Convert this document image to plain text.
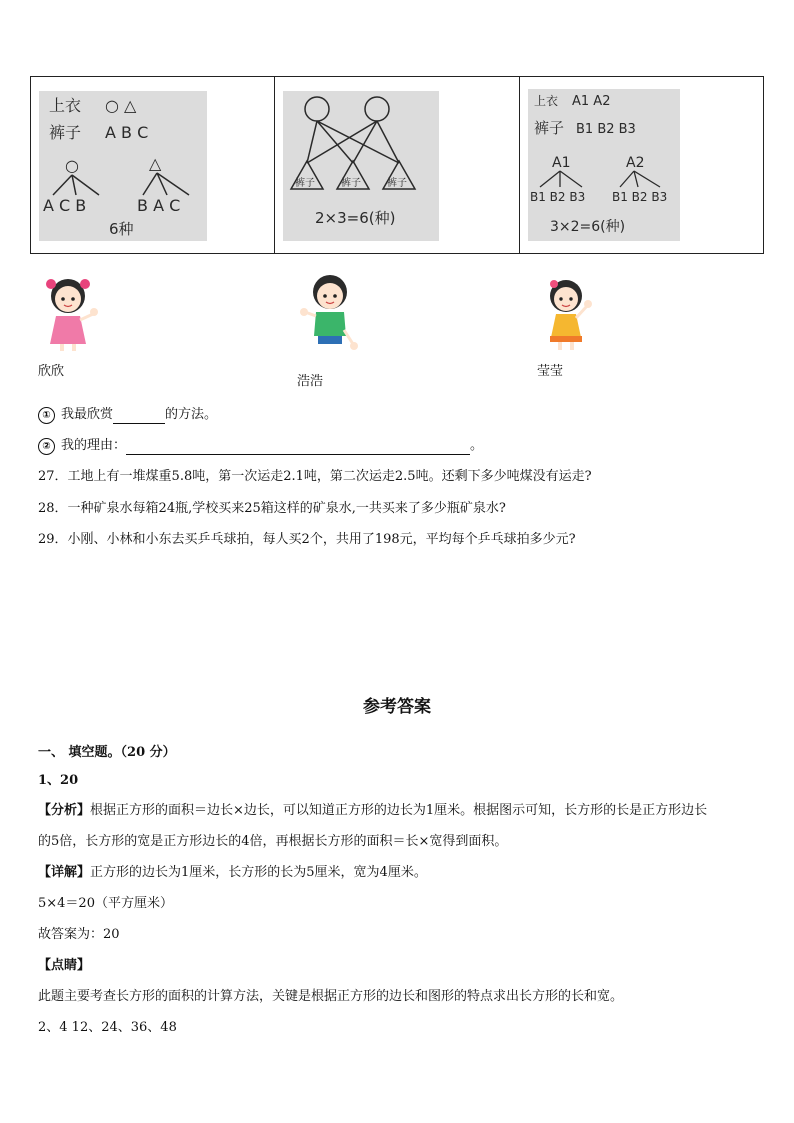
上衣 ○ △
裤子 A B C
○
A C B
△
B A C
6种
裤子	裤子	裤子
2×3=6(种)
上衣 A1 A2
裤子 B1 B2 B3
A1
B1 B2 B3
A2
B1 B2 B3
3×2=6(种)
欣欣
浩浩
莹莹
① 我最欣赏	的方法。
② 我的理由：	。
27．工地上有一堆煤重5.8吨，第一次运走2.1吨，第二次运走2.5吨。还剩下多少吨煤没有运走?
28．一种矿泉水每箱24瓶,学校买来25箱这样的矿泉水,一共买来了多少瓶矿泉水?
29．小刚、小林和小东去买乒乓球拍，每人买2个，共用了198元，平均每个乒乓球拍多少元?
参考答案
一、 填空题。（20 分）
1、20
【分析】根据正方形的面积＝边长×边长，可以知道正方形的边长为1厘米。根据图示可知，长方形的长是正方形边长
的5倍，长方形的宽是正方形边长的4倍，再根据长方形的面积＝长×宽得到面积。
【详解】正方形的边长为1厘米，长方形的长为5厘米，宽为4厘米。
5×4＝20（平方厘米）
故答案为：20
【点睛】
此题主要考查长方形的面积的计算方法，关键是根据正方形的边长和图形的特点求出长方形的长和宽。
2、4 12、24、36、48
